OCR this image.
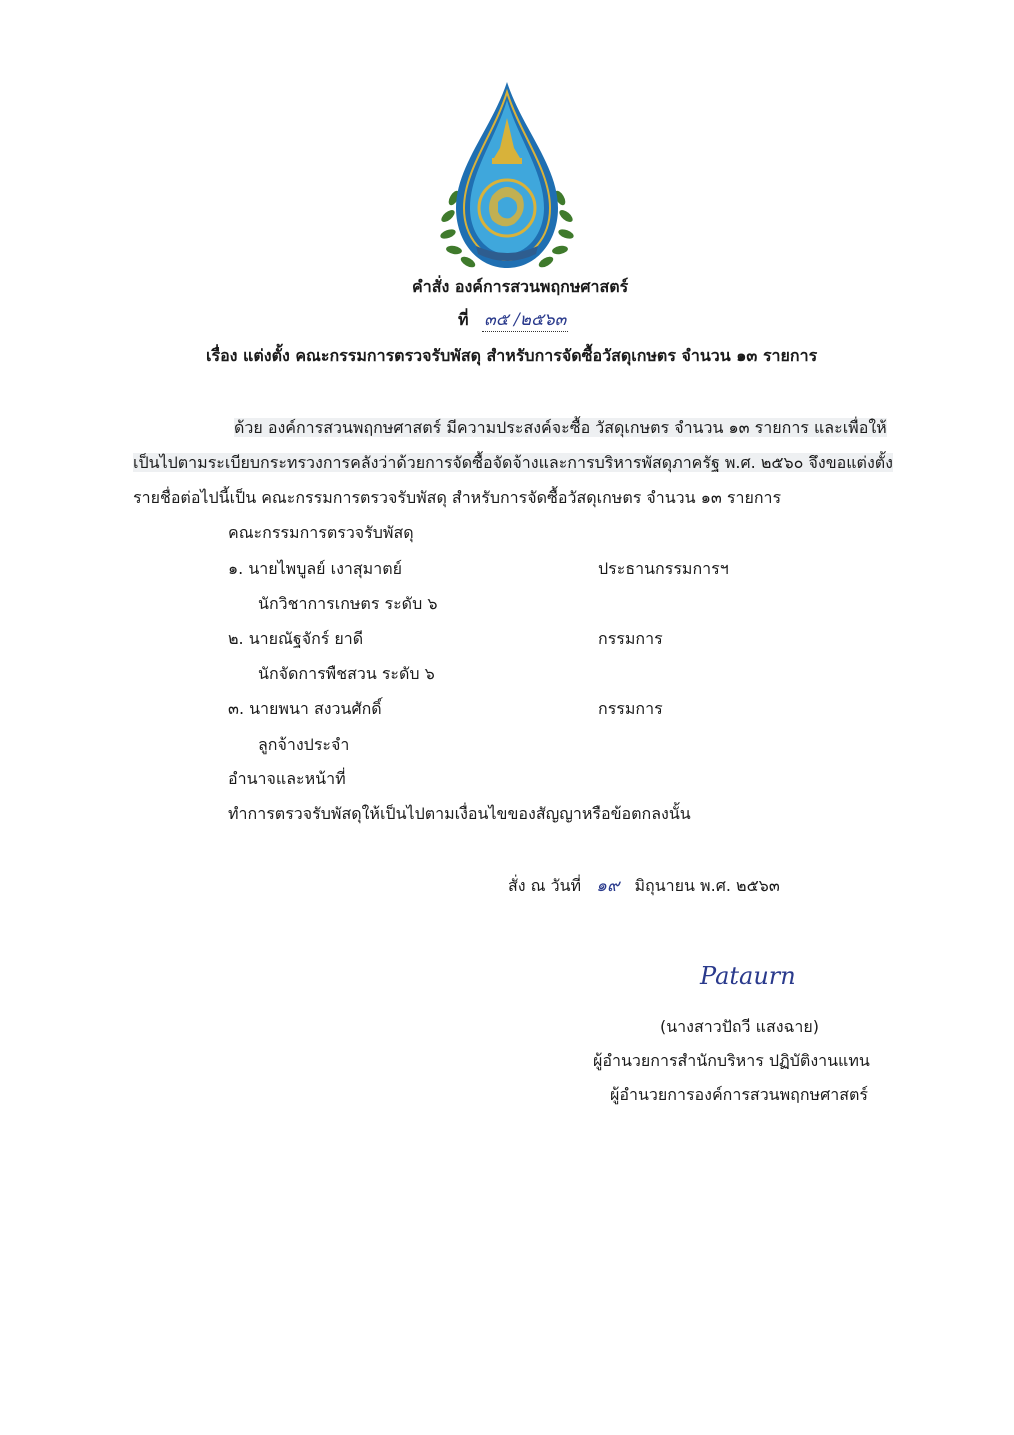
คำสั่ง องค์การสวนพฤกษศาสตร์
ที่ ๓๕ /๒๕๖๓
เรื่อง แต่งตั้ง คณะกรรมการตรวจรับพัสดุ สำหรับการจัดซื้อวัสดุเกษตร จำนวน ๑๓ รายการ
ด้วย องค์การสวนพฤกษศาสตร์ มีความประสงค์จะซื้อ วัสดุเกษตร จำนวน ๑๓ รายการ และเพื่อให้
เป็นไปตามระเบียบกระทรวงการคลังว่าด้วยการจัดซื้อจัดจ้างและการบริหารพัสดุภาครัฐ พ.ศ. ๒๕๖๐ จึงขอแต่งตั้ง
รายชื่อต่อไปนี้เป็น คณะกรรมการตรวจรับพัสดุ สำหรับการจัดซื้อวัสดุเกษตร จำนวน ๑๓ รายการ
คณะกรรมการตรวจรับพัสดุ
๑. นายไพบูลย์ เงาสุมาตย์	ประธานกรรมการฯ
นักวิชาการเกษตร ระดับ ๖
๒. นายณัฐจักร์ ยาดี	กรรมการ
นักจัดการพืชสวน ระดับ ๖
๓. นายพนา สงวนศักดิ์	กรรมการ
ลูกจ้างประจำ
อำนาจและหน้าที่
ทำการตรวจรับพัสดุให้เป็นไปตามเงื่อนไขของสัญญาหรือข้อตกลงนั้น
สั่ง ณ วันที่ ๑๙ มิถุนายน พ.ศ. ๒๕๖๓
Pataurn
(นางสาวปัถวี แสงฉาย)
ผู้อำนวยการสำนักบริหาร ปฏิบัติงานแทน
ผู้อำนวยการองค์การสวนพฤกษศาสตร์
